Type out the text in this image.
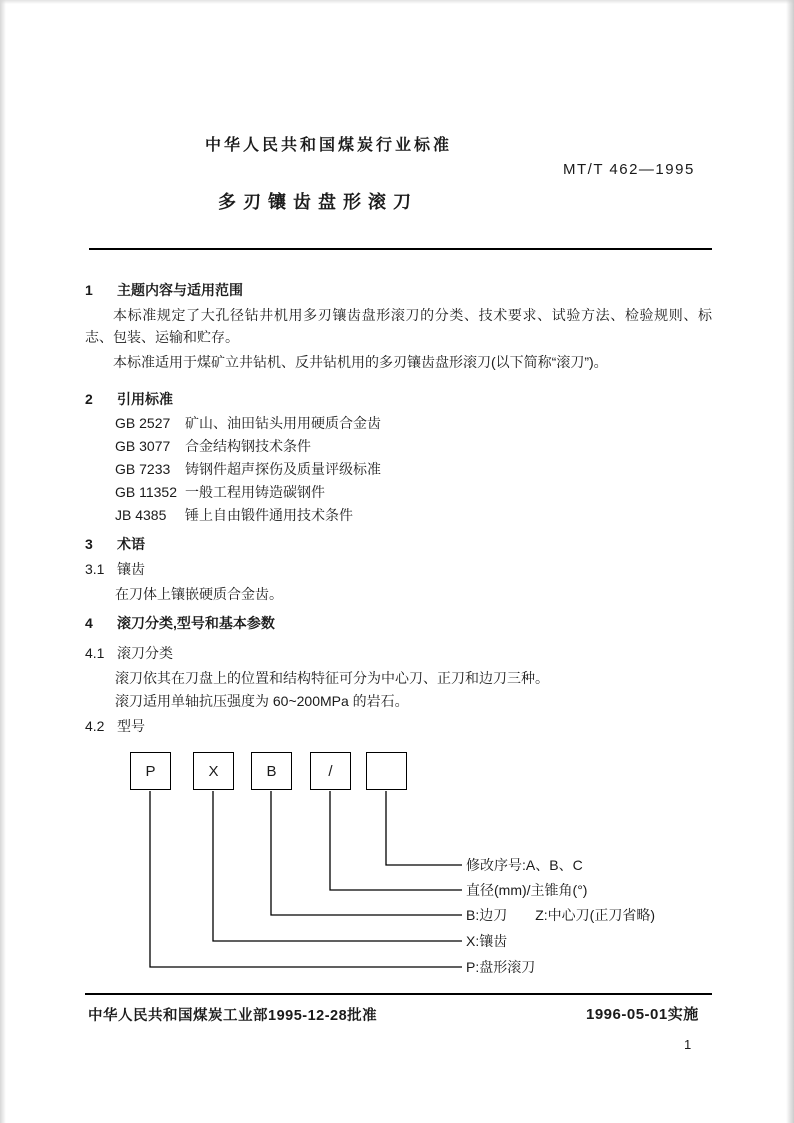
中华人民共和国煤炭行业标准
MT/T 462—1995
多刃镶齿盘形滚刀
1 主题内容与适用范围
本标准规定了大孔径钻井机用多刃镶齿盘形滚刀的分类、技术要求、试验方法、检验规则、标志、包装、运输和贮存。
本标准适用于煤矿立井钻机、反井钻机用的多刃镶齿盘形滚刀(以下简称“滚刀”)。
2 引用标准
GB 2527 矿山、油田钻头用用硬质合金齿
GB 3077 合金结构钢技术条件
GB 7233 铸钢件超声探伤及质量评级标准
GB 11352 一般工程用铸造碳钢件
JB 4385 锤上自由锻件通用技术条件
3 术语
3.1 镶齿
在刀体上镶嵌硬质合金齿。
4 滚刀分类,型号和基本参数
4.1 滚刀分类
滚刀依其在刀盘上的位置和结构特征可分为中心刀、正刀和边刀三种。
滚刀适用单轴抗压强度为 60~200MPa 的岩石。
4.2 型号
P	X	B	/
修改序号:A、B、C
直径(mm)/主锥角(°)
B:边刀　　Z:中心刀(正刀省略)
X:镶齿
P:盘形滚刀
中华人民共和国煤炭工业部1995-12-28批准	1996-05-01实施
1
